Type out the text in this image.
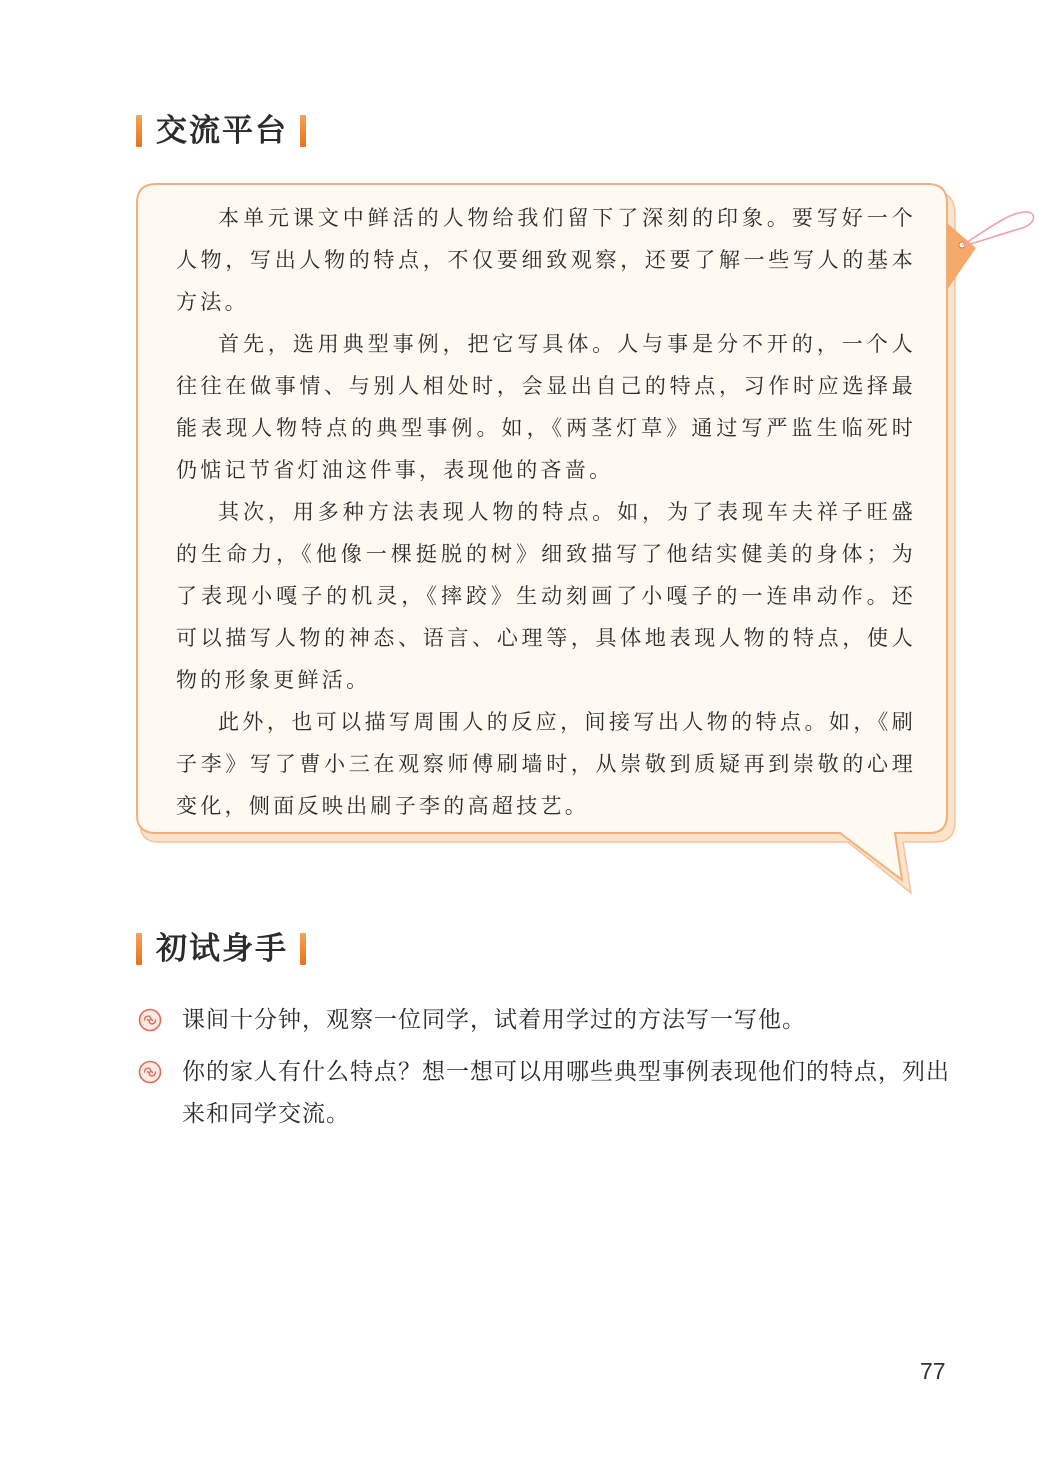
交流平台

本单元课文中鲜活的人物给我们留下了深刻的印象。要写好一个人物，写出人物的特点，不仅要细致观察，还要了解一些写人的基本方法。

首先，选用典型事例，把它写具体。人与事是分不开的，一个人往往在做事情、与别人相处时，会显出自己的特点，习作时应选择最能表现人物特点的典型事例。如，《两茎灯草》通过写严监生临死时仍惦记节省灯油这件事，表现他的吝啬。

其次，用多种方法表现人物的特点。如，为了表现车夫祥子旺盛的生命力，《他像一棵挺脱的树》细致描写了他结实健美的身体；为了表现小嘎子的机灵，《摔跤》生动刻画了小嘎子的一连串动作。还可以描写人物的神态、语言、心理等，具体地表现人物的特点，使人物的形象更鲜活。

此外，也可以描写周围人的反应，间接写出人物的特点。如，《刷子李》写了曹小三在观察师傅刷墙时，从崇敬到质疑再到崇敬的心理变化，侧面反映出刷子李的高超技艺。

初试身手
课间十分钟，观察一位同学，试着用学过的方法写一写他。
你的家人有什么特点？想一想可以用哪些典型事例表现他们的特点，列出来和同学交流。
77
